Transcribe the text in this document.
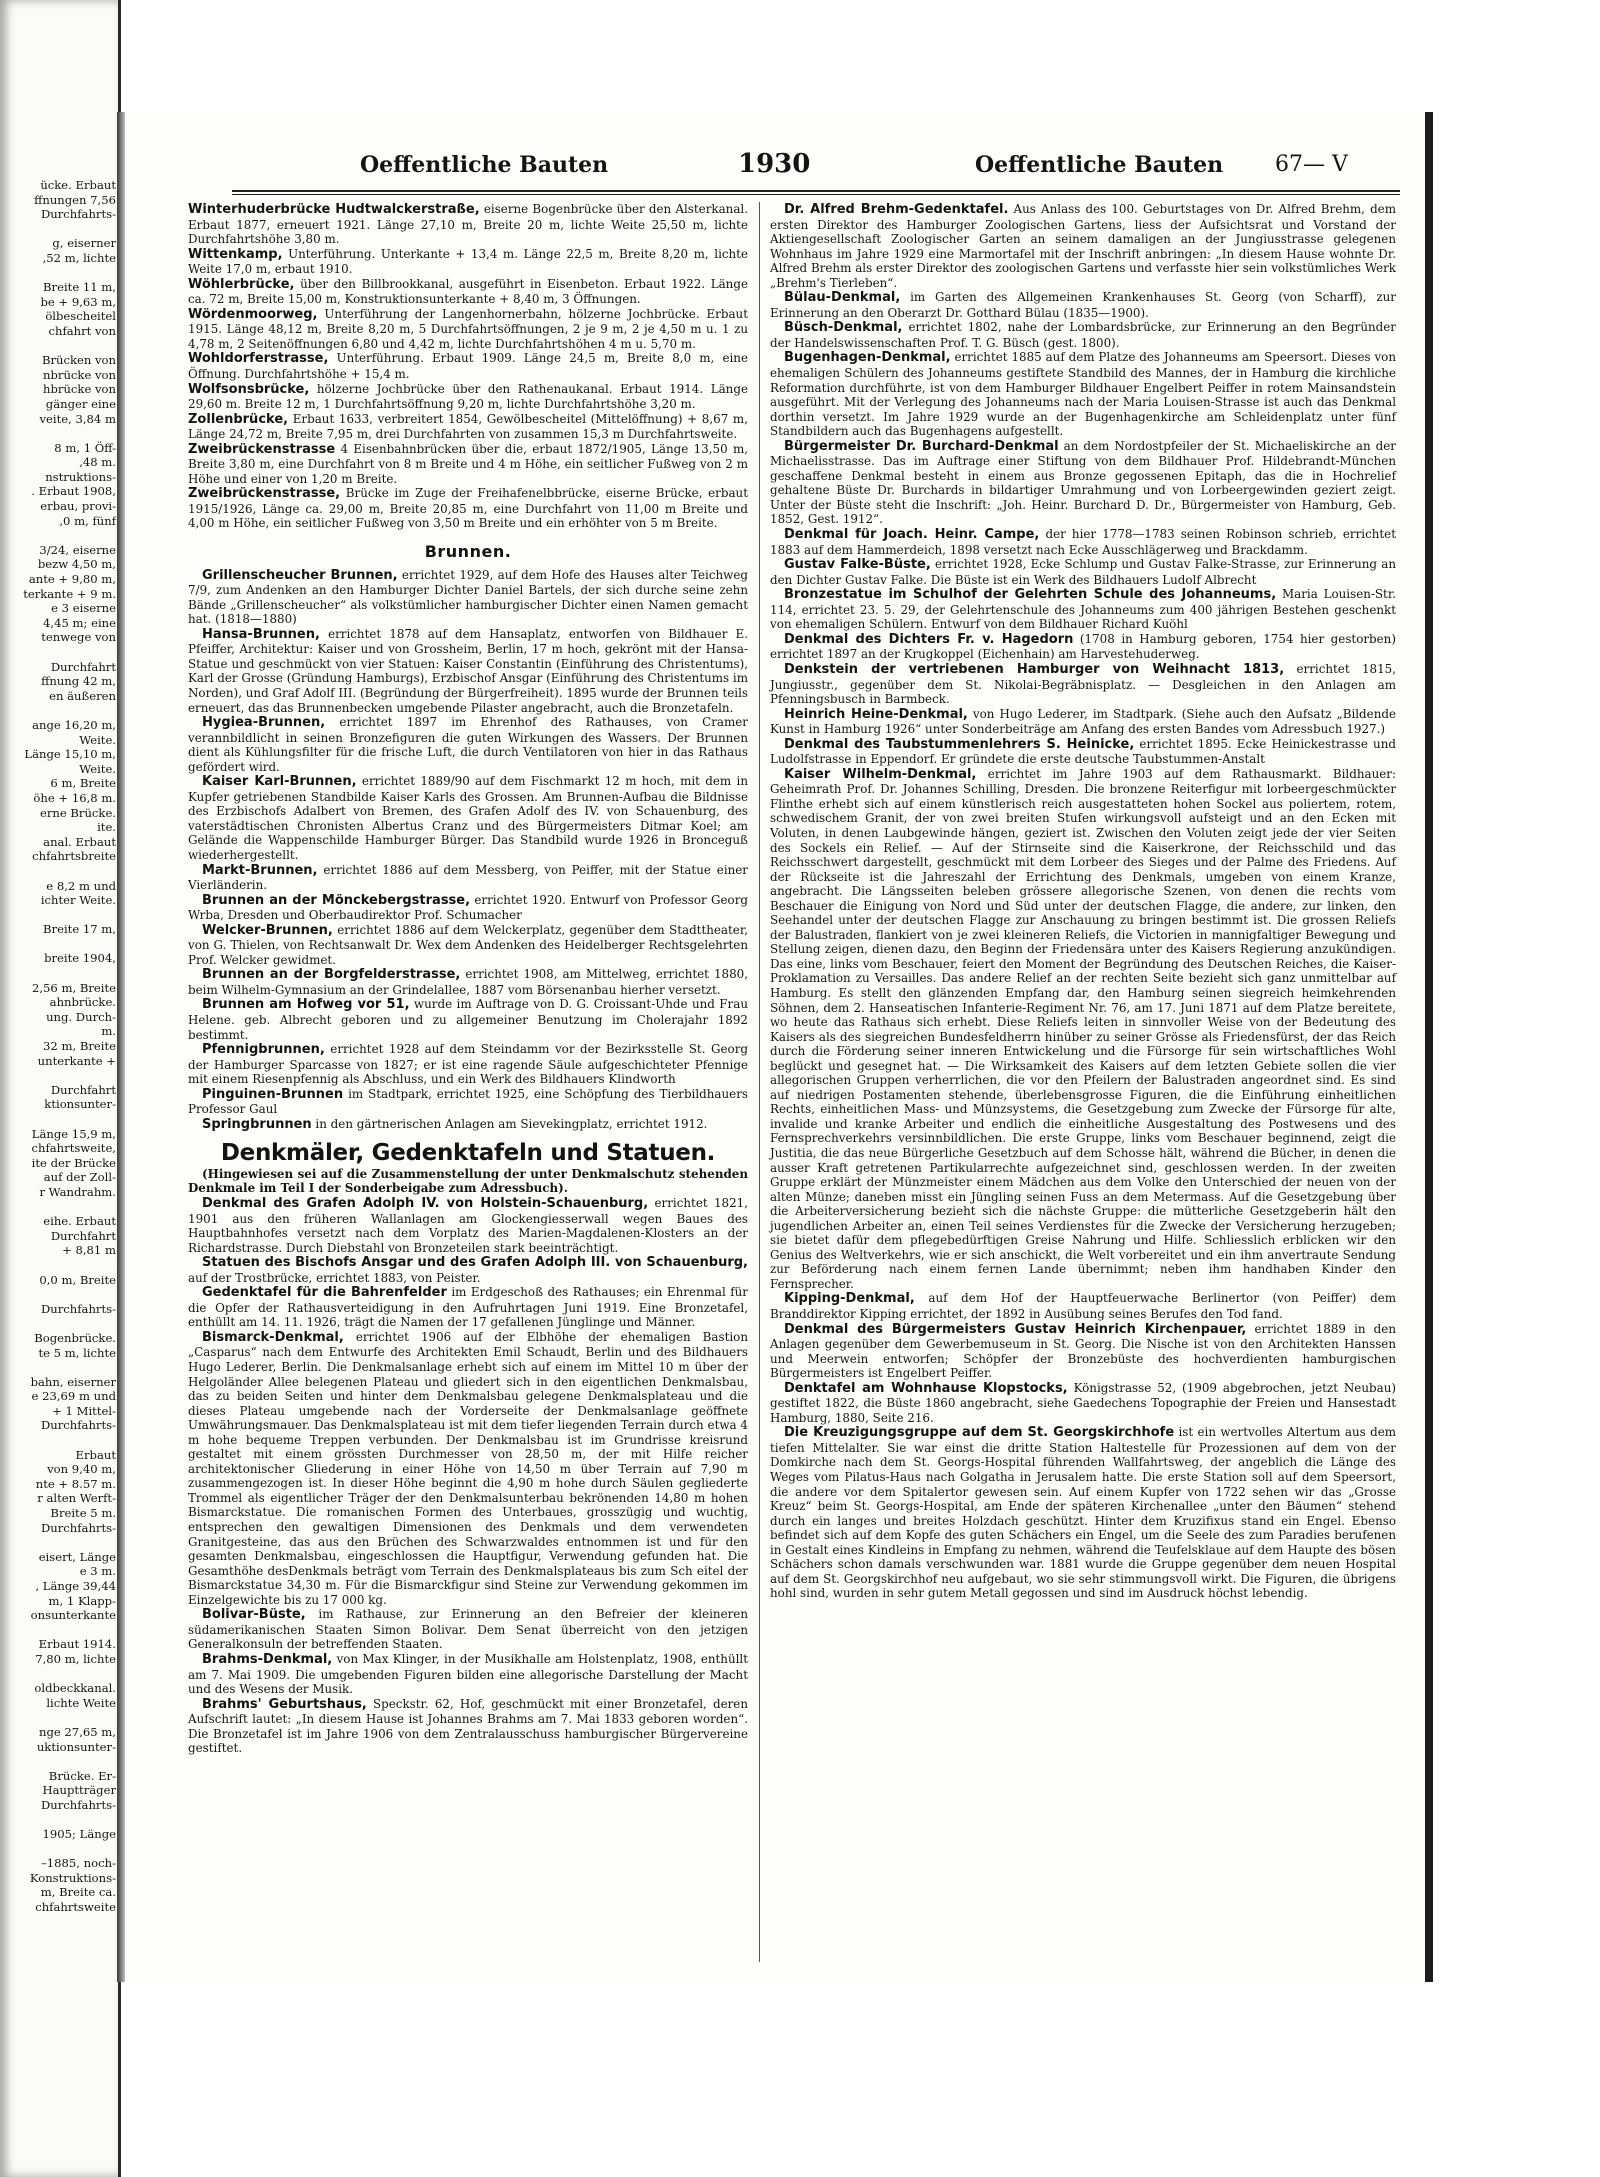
ücke. Erbaut
ffnungen 7,56
Durchfahrts-

g, eiserner
,52 m, lichte

Breite 11 m,
be + 9,63 m,
ölbescheitel
chfahrt von

Brücken von
nbrücke von
hbrücke von
gänger eine
veite, 3,84 m

8 m, 1 Öff-
,48 m.
nstruktions-
. Erbaut 1908,
erbau, provi-
,0 m, fünf

3/24, eiserne
bezw 4,50 m,
ante + 9,80 m,
terkante + 9 m.
e 3 eiserne
4,45 m; eine
tenwege von

Durchfahrt
ffnung 42 m,
en äußeren

ange 16,20 m,
Weite.
Länge 15,10 m,
Weite.
6 m, Breite
öhe + 16,8 m.
erne Brücke.
ite.
anal. Erbaut
chfahrtsbreite

e 8,2 m und
ichter Weite.

Breite 17 m,

breite 1904,

2,56 m, Breite
ahnbrücke.
ung. Durch-
m.
32 m, Breite
unterkante +

Durchfahrt
ktionsunter-

Länge 15,9 m,
chfahrtsweite,
ite der Brücke
auf der Zoll-
r Wandrahm.

eihe. Erbaut
Durchfahrt
+ 8,81 m

0,0 m, Breite

Durchfahrts-

Bogenbrücke.
te 5 m, lichte

bahn, eiserner
e 23,69 m und
+ 1 Mittel-
Durchfahrts-

Erbaut
von 9,40 m,
nte + 8.57 m.
r alten Werft-
Breite 5 m.
Durchfahrts-

eisert, Länge
e 3 m.
, Länge 39,44
m, 1 Klapp-
onsunterkante

Erbaut 1914.
7,80 m, lichte

oldbeckkanal.
lichte Weite

nge 27,65 m,
uktionsunter-

Brücke. Er-
Hauptträger
Durchfahrts-

1905; Länge

–1885, noch-
Konstruktions-
m, Breite ca.
chfahrtsweite
Oeffentliche Bauten	1930	Oeffentliche Bauten 67— V

Winterhuderbrücke Hudtwalckerstraße, eiserne Bogenbrücke über den Alsterkanal. Erbaut 1877, erneuert 1921. Länge 27,10 m, Breite 20 m, lichte Weite 25,50 m, lichte Durchfahrtshöhe 3,80 m.

Wittenkamp, Unterführung. Unterkante + 13,4 m. Länge 22,5 m, Breite 8,20 m, lichte Weite 17,0 m, erbaut 1910.

Wöhlerbrücke, über den Billbrookkanal, ausgeführt in Eisenbeton. Erbaut 1922. Länge ca. 72 m, Breite 15,00 m, Konstruktionsunterkante + 8,40 m, 3 Öffnungen.

Wördenmoorweg, Unterführung der Langenhornerbahn, hölzerne Jochbrücke. Erbaut 1915. Länge 48,12 m, Breite 8,20 m, 5 Durchfahrtsöffnungen, 2 je 9 m, 2 je 4,50 m u. 1 zu 4,78 m, 2 Seitenöffnungen 6,80 und 4,42 m, lichte Durchfahrtshöhen 4 m u. 5,70 m.

Wohldorferstrasse, Unterführung. Erbaut 1909. Länge 24,5 m, Breite 8,0 m, eine Öffnung. Durchfahrtshöhe + 15,4 m.

Wolfsonsbrücke, hölzerne Jochbrücke über den Rathenaukanal. Erbaut 1914. Länge 29,60 m. Breite 12 m, 1 Durchfahrtsöffnung 9,20 m, lichte Durchfahrtshöhe 3,20 m.

Zollenbrücke, Erbaut 1633, verbreitert 1854, Gewölbescheitel (Mittelöffnung) + 8,67 m, Länge 24,72 m, Breite 7,95 m, drei Durchfahrten von zusammen 15,3 m Durchfahrtsweite.

Zweibrückenstrasse 4 Eisenbahnbrücken über die, erbaut 1872/1905, Länge 13,50 m, Breite 3,80 m, eine Durchfahrt von 8 m Breite und 4 m Höhe, ein seitlicher Fußweg von 2 m Höhe und einer von 1,20 m Breite.

Zweibrückenstrasse, Brücke im Zuge der Freihafenelbbrücke, eiserne Brücke, erbaut 1915/1926, Länge ca. 29,00 m, Breite 20,85 m, eine Durchfahrt von 11,00 m Breite und 4,00 m Höhe, ein seitlicher Fußweg von 3,50 m Breite und ein erhöhter von 5 m Breite.

Brunnen.

Grillenscheucher Brunnen, errichtet 1929, auf dem Hofe des Hauses alter Teichweg 7/9, zum Andenken an den Hamburger Dichter Daniel Bartels, der sich durche seine zehn Bände „Grillenscheucher“ als volkstümlicher hamburgischer Dichter einen Namen gemacht hat. (1818—1880)

Hansa-Brunnen, errichtet 1878 auf dem Hansaplatz, entworfen von Bildhauer E. Pfeiffer, Architektur: Kaiser und von Grossheim, Berlin, 17 m hoch, gekrönt mit der Hansa-Statue und geschmückt von vier Statuen: Kaiser Constantin (Einführung des Christentums), Karl der Grosse (Gründung Hamburgs), Erzbischof Ansgar (Einführung des Christentums im Norden), und Graf Adolf III. (Begründung der Bürgerfreiheit). 1895 wurde der Brunnen teils erneuert, das das Brunnenbecken umgebende Pilaster angebracht, auch die Bronzetafeln.

Hygiea-Brunnen, errichtet 1897 im Ehrenhof des Rathauses, von Cramer verannbildlicht in seinen Bronzefiguren die guten Wirkungen des Wassers. Der Brunnen dient als Kühlungsfilter für die frische Luft, die durch Ventilatoren von hier in das Rathaus gefördert wird.

Kaiser Karl-Brunnen, errichtet 1889/90 auf dem Fischmarkt 12 m hoch, mit dem in Kupfer getriebenen Standbilde Kaiser Karls des Grossen. Am Brunnen-Aufbau die Bildnisse des Erzbischofs Adalbert von Bremen, des Grafen Adolf des IV. von Schauenburg, des vaterstädtischen Chronisten Albertus Cranz und des Bürgermeisters Ditmar Koel; am Gelände die Wappenschilde Hamburger Bürger. Das Standbild wurde 1926 in Bronceguß wiederhergestellt.

Markt-Brunnen, errichtet 1886 auf dem Messberg, von Peiffer, mit der Statue einer Vierländerin.

Brunnen an der Mönckebergstrasse, errichtet 1920. Entwurf von Professor Georg Wrba, Dresden und Oberbaudirektor Prof. Schumacher

Welcker-Brunnen, errichtet 1886 auf dem Welckerplatz, gegenüber dem Stadttheater, von G. Thielen, von Rechtsanwalt Dr. Wex dem Andenken des Heidelberger Rechtsgelehrten Prof. Welcker gewidmet.

Brunnen an der Borgfelderstrasse, errichtet 1908, am Mittelweg, errichtet 1880, beim Wilhelm-Gymnasium an der Grindelallee, 1887 vom Börsenanbau hierher versetzt.

Brunnen am Hofweg vor 51, wurde im Auftrage von D. G. Croissant-Uhde und Frau Helene. geb. Albrecht geboren und zu allgemeiner Benutzung im Cholerajahr 1892 bestimmt.

Pfennigbrunnen, errichtet 1928 auf dem Steindamm vor der Bezirksstelle St. Georg der Hamburger Sparcasse von 1827; er ist eine ragende Säule aufgeschichteter Pfennige mit einem Riesenpfennig als Abschluss, und ein Werk des Bildhauers Klindworth

Pinguinen-Brunnen im Stadtpark, errichtet 1925, eine Schöpfung des Tierbildhauers Professor Gaul

Springbrunnen in den gärtnerischen Anlagen am Sievekingplatz, errichtet 1912.

Denkmäler, Gedenktafeln und Statuen.

(Hingewiesen sei auf die Zusammenstellung der unter Denkmalschutz stehenden Denkmale im Teil I der Sonderbeigabe zum Adressbuch).

Denkmal des Grafen Adolph IV. von Holstein-Schauenburg, errichtet 1821, 1901 aus den früheren Wallanlagen am Glockengiesserwall wegen Baues des Hauptbahnhofes versetzt nach dem Vorplatz des Marien-Magdalenen-Klosters an der Richardstrasse. Durch Diebstahl von Bronzeteilen stark beeinträchtigt.

Statuen des Bischofs Ansgar und des Grafen Adolph III. von Schauenburg, auf der Trostbrücke, errichtet 1883, von Peister.

Gedenktafel für die Bahrenfelder im Erdgeschoß des Rathauses; ein Ehrenmal für die Opfer der Rathausverteidigung in den Aufruhrtagen Juni 1919. Eine Bronzetafel, enthüllt am 14. 11. 1926, trägt die Namen der 17 gefallenen Jünglinge und Männer.

Bismarck-Denkmal, errichtet 1906 auf der Elbhöhe der ehemaligen Bastion „Casparus“ nach dem Entwurfe des Architekten Emil Schaudt, Berlin und des Bildhauers Hugo Lederer, Berlin. Die Denkmalsanlage erhebt sich auf einem im Mittel 10 m über der Helgoländer Allee belegenen Plateau und gliedert sich in den eigentlichen Denkmalsbau, das zu beiden Seiten und hinter dem Denkmalsbau gelegene Denkmalsplateau und die dieses Plateau umgebende nach der Vorderseite der Denkmalsanlage geöffnete Umwährungsmauer. Das Denkmalsplateau ist mit dem tiefer liegenden Terrain durch etwa 4 m hohe bequeme Treppen verbunden. Der Denkmalsbau ist im Grundrisse kreisrund gestaltet mit einem grössten Durchmesser von 28,50 m, der mit Hilfe reicher architektonischer Gliederung in einer Höhe von 14,50 m über Terrain auf 7,90 m zusammengezogen ist. In dieser Höhe beginnt die 4,90 m hohe durch Säulen gegliederte Trommel als eigentlicher Träger der den Denkmalsunterbau bekrönenden 14,80 m hohen Bismarckstatue. Die romanischen Formen des Unterbaues, grosszügig und wuchtig, entsprechen den gewaltigen Dimensionen des Denkmals und dem verwendeten Granitgesteine, das aus den Brüchen des Schwarzwaldes entnommen ist und für den gesamten Denkmalsbau, eingeschlossen die Hauptfigur, Verwendung gefunden hat. Die Gesamthöhe desDenkmals beträgt vom Terrain des Denkmalsplateaus bis zum Sch eitel der Bismarckstatue 34,30 m. Für die Bismarckfigur sind Steine zur Verwendung gekommen im Einzelgewichte bis zu 17 000 kg.

Bolivar-Büste, im Rathause, zur Erinnerung an den Befreier der kleineren südamerikanischen Staaten Simon Bolivar. Dem Senat überreicht von den jetzigen Generalkonsuln der betreffenden Staaten.

Brahms-Denkmal, von Max Klinger, in der Musikhalle am Holstenplatz, 1908, enthüllt am 7. Mai 1909. Die umgebenden Figuren bilden eine allegorische Darstellung der Macht und des Wesens der Musik.

Brahms' Geburtshaus, Speckstr. 62, Hof, geschmückt mit einer Bronzetafel, deren Aufschrift lautet: „In diesem Hause ist Johannes Brahms am 7. Mai 1833 geboren worden“. Die Bronzetafel ist im Jahre 1906 von dem Zentralausschuss hamburgischer Bürgervereine gestiftet.

Dr. Alfred Brehm-Gedenktafel. Aus Anlass des 100. Geburtstages von Dr. Alfred Brehm, dem ersten Direktor des Hamburger Zoologischen Gartens, liess der Aufsichtsrat und Vorstand der Aktiengesellschaft Zoologischer Garten an seinem damaligen an der Jungiusstrasse gelegenen Wohnhaus im Jahre 1929 eine Marmortafel mit der Inschrift anbringen: „In diesem Hause wohnte Dr. Alfred Brehm als erster Direktor des zoologischen Gartens und verfasste hier sein volkstümliches Werk „Brehm's Tierleben“.

Bülau-Denkmal, im Garten des Allgemeinen Krankenhauses St. Georg (von Scharff), zur Erinnerung an den Oberarzt Dr. Gotthard Bülau (1835—1900).

Büsch-Denkmal, errichtet 1802, nahe der Lombardsbrücke, zur Erinnerung an den Begründer der Handelswissenschaften Prof. T. G. Büsch (gest. 1800).

Bugenhagen-Denkmal, errichtet 1885 auf dem Platze des Johanneums am Speersort. Dieses von ehemaligen Schülern des Johanneums gestiftete Standbild des Mannes, der in Hamburg die kirchliche Reformation durchführte, ist von dem Hamburger Bildhauer Engelbert Peiffer in rotem Mainsandstein ausgeführt. Mit der Verlegung des Johanneums nach der Maria Louisen-Strasse ist auch das Denkmal dorthin versetzt. Im Jahre 1929 wurde an der Bugenhagenkirche am Schleidenplatz unter fünf Standbildern auch das Bugenhagens aufgestellt.

Bürgermeister Dr. Burchard-Denkmal an dem Nordostpfeiler der St. Michaeliskirche an der Michaelisstrasse. Das im Auftrage einer Stiftung von dem Bildhauer Prof. Hildebrandt-München geschaffene Denkmal besteht in einem aus Bronze gegossenen Epitaph, das die in Hochrelief gehaltene Büste Dr. Burchards in bildartiger Umrahmung und von Lorbeergewinden geziert zeigt. Unter der Büste steht die Inschrift: „Joh. Heinr. Burchard D. Dr., Bürgermeister von Hamburg, Geb. 1852, Gest. 1912“.

Denkmal für Joach. Heinr. Campe, der hier 1778—1783 seinen Robinson schrieb, errichtet 1883 auf dem Hammerdeich, 1898 versetzt nach Ecke Ausschlägerweg und Brackdamm.

Gustav Falke-Büste, errichtet 1928, Ecke Schlump und Gustav Falke-Strasse, zur Erinnerung an den Dichter Gustav Falke. Die Büste ist ein Werk des Bildhauers Ludolf Albrecht

Bronzestatue im Schulhof der Gelehrten Schule des Johanneums, Maria Louisen-Str. 114, errichtet 23. 5. 29, der Gelehrtenschule des Johanneums zum 400 jährigen Bestehen geschenkt von ehemaligen Schülern. Entwurf von dem Bildhauer Richard Kuöhl

Denkmal des Dichters Fr. v. Hagedorn (1708 in Hamburg geboren, 1754 hier gestorben) errichtet 1897 an der Krugkoppel (Eichenhain) am Harvestehuderweg.

Denkstein der vertriebenen Hamburger von Weihnacht 1813, errichtet 1815, Jungiusstr., gegenüber dem St. Nikolai-Begräbnisplatz. — Desgleichen in den Anlagen am Pfenningsbusch in Barmbeck.

Heinrich Heine-Denkmal, von Hugo Lederer, im Stadtpark. (Siehe auch den Aufsatz „Bildende Kunst in Hamburg 1926“ unter Sonderbeiträge am Anfang des ersten Bandes vom Adressbuch 1927.)

Denkmal des Taubstummenlehrers S. Heinicke, errichtet 1895. Ecke Heinickestrasse und Ludolfstrasse in Eppendorf. Er gründete die erste deutsche Taubstummen-Anstalt

Kaiser Wilhelm-Denkmal, errichtet im Jahre 1903 auf dem Rathausmarkt. Bildhauer: Geheimrath Prof. Dr. Johannes Schilling, Dresden. Die bronzene Reiterfigur mit lorbeergeschmückter Flinthe erhebt sich auf einem künstlerisch reich ausgestatteten hohen Sockel aus poliertem, rotem, schwedischem Granit, der von zwei breiten Stufen wirkungsvoll aufsteigt und an den Ecken mit Voluten, in denen Laubgewinde hängen, geziert ist. Zwischen den Voluten zeigt jede der vier Seiten des Sockels ein Relief. — Auf der Stirnseite sind die Kaiserkrone, der Reichsschild und das Reichsschwert dargestellt, geschmückt mit dem Lorbeer des Sieges und der Palme des Friedens. Auf der Rückseite ist die Jahreszahl der Errichtung des Denkmals, umgeben von einem Kranze, angebracht. Die Längsseiten beleben grössere allegorische Szenen, von denen die rechts vom Beschauer die Einigung von Nord und Süd unter der deutschen Flagge, die andere, zur linken, den Seehandel unter der deutschen Flagge zur Anschauung zu bringen bestimmt ist. Die grossen Reliefs der Balustraden, flankiert von je zwei kleineren Reliefs, die Victorien in mannigfaltiger Bewegung und Stellung zeigen, dienen dazu, den Beginn der Friedensära unter des Kaisers Regierung anzukündigen. Das eine, links vom Beschauer, feiert den Moment der Begründung des Deutschen Reiches, die Kaiser-Proklamation zu Versailles. Das andere Relief an der rechten Seite bezieht sich ganz unmittelbar auf Hamburg. Es stellt den glänzenden Empfang dar, den Hamburg seinen siegreich heimkehrenden Söhnen, dem 2. Hanseatischen Infanterie-Regiment Nr. 76, am 17. Juni 1871 auf dem Platze bereitete, wo heute das Rathaus sich erhebt. Diese Reliefs leiten in sinnvoller Weise von der Bedeutung des Kaisers als des siegreichen Bundesfeldherrn hinüber zu seiner Grösse als Friedensfürst, der das Reich durch die Förderung seiner inneren Entwickelung und die Fürsorge für sein wirtschaftliches Wohl beglückt und gesegnet hat. — Die Wirksamkeit des Kaisers auf dem letzten Gebiete sollen die vier allegorischen Gruppen verherrlichen, die vor den Pfeilern der Balustraden angeordnet sind. Es sind auf niedrigen Postamenten stehende, überlebensgrosse Figuren, die die Einführung einheitlichen Rechts, einheitlichen Mass- und Münzsystems, die Gesetzgebung zum Zwecke der Fürsorge für alte, invalide und kranke Arbeiter und endlich die einheitliche Ausgestaltung des Postwesens und des Fernsprechverkehrs versinnbildlichen. Die erste Gruppe, links vom Beschauer beginnend, zeigt die Justitia, die das neue Bürgerliche Gesetzbuch auf dem Schosse hält, während die Bücher, in denen die ausser Kraft getretenen Partikularrechte aufgezeichnet sind, geschlossen werden. In der zweiten Gruppe erklärt der Münzmeister einem Mädchen aus dem Volke den Unterschied der neuen von der alten Münze; daneben misst ein Jüngling seinen Fuss an dem Metermass. Auf die Gesetzgebung über die Arbeiterversicherung bezieht sich die nächste Gruppe: die mütterliche Gesetzgeberin hält den jugendlichen Arbeiter an, einen Teil seines Verdienstes für die Zwecke der Versicherung herzugeben; sie bietet dafür dem pflegebedürftigen Greise Nahrung und Hilfe. Schliesslich erblicken wir den Genius des Weltverkehrs, wie er sich anschickt, die Welt vorbereitet und ein ihm anvertraute Sendung zur Beförderung nach einem fernen Lande übernimmt; neben ihm handhaben Kinder den Fernsprecher.

Kipping-Denkmal, auf dem Hof der Hauptfeuerwache Berlinertor (von Peiffer) dem Branddirektor Kipping errichtet, der 1892 in Ausübung seines Berufes den Tod fand.

Denkmal des Bürgermeisters Gustav Heinrich Kirchenpauer, errichtet 1889 in den Anlagen gegenüber dem Gewerbemuseum in St. Georg. Die Nische ist von den Architekten Hanssen und Meerwein entworfen; Schöpfer der Bronzebüste des hochverdienten hamburgischen Bürgermeisters ist Engelbert Peiffer.

Denktafel am Wohnhause Klopstocks, Königstrasse 52, (1909 abgebrochen, jetzt Neubau) gestiftet 1822, die Büste 1860 angebracht, siehe Gaedechens Topographie der Freien und Hansestadt Hamburg, 1880, Seite 216.

Die Kreuzigungsgruppe auf dem St. Georgskirchhofe ist ein wertvolles Altertum aus dem tiefen Mittelalter. Sie war einst die dritte Station Haltestelle für Prozessionen auf dem von der Domkirche nach dem St. Georgs-Hospital führenden Wallfahrtsweg, der angeblich die Länge des Weges vom Pilatus-Haus nach Golgatha in Jerusalem hatte. Die erste Station soll auf dem Speersort, die andere vor dem Spitalertor gewesen sein. Auf einem Kupfer von 1722 sehen wir das „Grosse Kreuz“ beim St. Georgs-Hospital, am Ende der späteren Kirchenallee „unter den Bäumen“ stehend durch ein langes und breites Holzdach geschützt. Hinter dem Kruzifixus stand ein Engel. Ebenso befindet sich auf dem Kopfe des guten Schächers ein Engel, um die Seele des zum Paradies berufenen in Gestalt eines Kindleins in Empfang zu nehmen, während die Teufelsklaue auf dem Haupte des bösen Schächers schon damals verschwunden war. 1881 wurde die Gruppe gegenüber dem neuen Hospital auf dem St. Georgskirchhof neu aufgebaut, wo sie sehr stimmungsvoll wirkt. Die Figuren, die übrigens hohl sind, wurden in sehr gutem Metall gegossen und sind im Ausdruck höchst lebendig.
